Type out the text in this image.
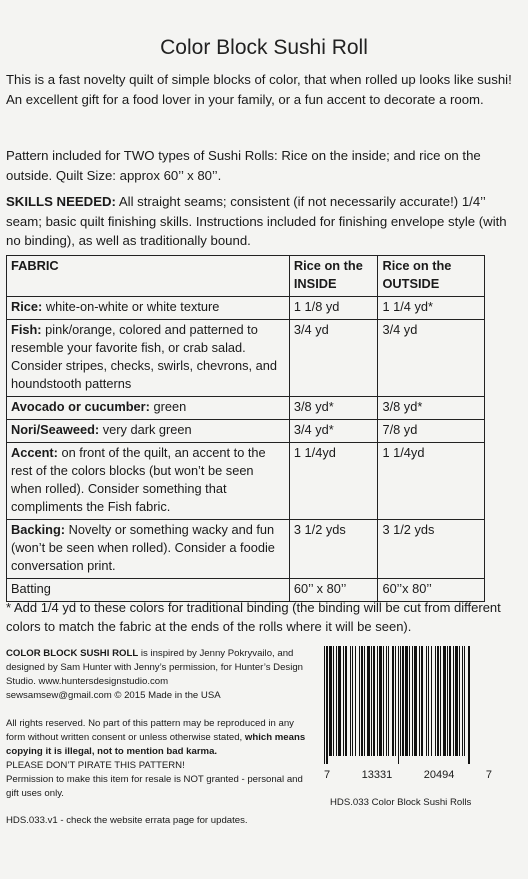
Color Block Sushi Roll
This is a fast novelty quilt of simple blocks of color, that when rolled up looks like sushi! An excellent gift for a food lover in your family, or a fun accent to decorate a room.
Pattern included for TWO types of Sushi Rolls: Rice on the inside; and rice on the outside. Quilt Size: approx 60’’ x 80’’.
SKILLS NEEDED: All straight seams; consistent (if not necessarily accurate!) 1/4’’ seam; basic quilt finishing skills. Instructions included for finishing envelope style (with no binding), as well as traditionally bound.
FABRIC	Rice on the INSIDE	Rice on the OUTSIDE
Rice: white-on-white or white texture	1 1/8 yd	1 1/4 yd*
Fish: pink/orange, colored and patterned to resemble your favorite fish, or crab salad. Consider stripes, checks, swirls, chevrons, and houndstooth patterns	3/4 yd	3/4 yd
Avocado or cucumber: green	3/8 yd*	3/8 yd*
Nori/Seaweed: very dark green	3/4 yd*	7/8 yd
Accent: on front of the quilt, an accent to the rest of the colors blocks (but won’t be seen when rolled). Consider something that compliments the Fish fabric.	1 1/4yd	1 1/4yd
Backing: Novelty or something wacky and fun (won’t be seen when rolled). Consider a foodie conversation print.	3 1/2 yds	3 1/2 yds
Batting	60’’ x 80’’	60’’x 80’’
* Add 1/4 yd to these colors for traditional binding (the binding will be cut from different colors to match the fabric at the ends of the rolls where it will be seen).
COLOR BLOCK SUSHI ROLL is inspired by Jenny Pokryvailo, and designed by Sam Hunter with Jenny’s permission, for Hunter’s Design Studio. www.huntersdesignstudio.com
sewsamsew@gmail.com © 2015 Made in the USA
All rights reserved. No part of this pattern may be reproduced in any form without written consent or unless otherwise stated, which means copying it is illegal, not to mention bad karma.
PLEASE DON’T PIRATE THIS PATTERN!
Permission to make this item for resale is NOT granted - personal and gift uses only.
HDS.033.v1 - check the website errata page for updates.
7	13331	20494	7
HDS.033 Color Block Sushi Rolls
